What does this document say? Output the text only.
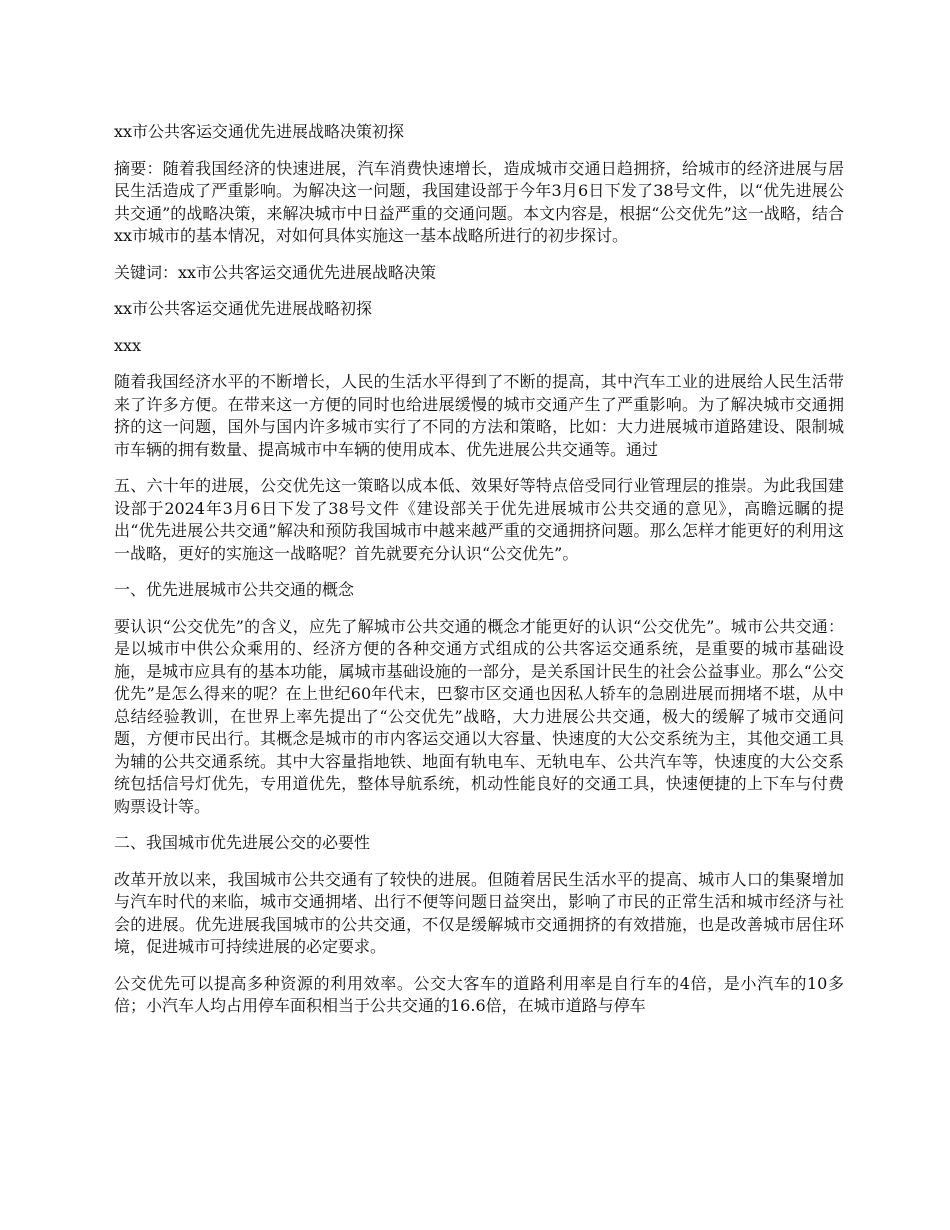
xx市公共客运交通优先进展战略决策初探

摘要：随着我国经济的快速进展，汽车消费快速增长，造成城市交通日趋拥挤，给城市的经济进展与居民生活造成了严重影响。为解决这一问题，我国建设部于今年3月6日下发了38号文件，以“优先进展公共交通”的战略决策，来解决城市中日益严重的交通问题。本文内容是，根据“公交优先”这一战略，结合xx市城市的基本情况，对如何具体实施这一基本战略所进行的初步探讨。

关键词：xx市公共客运交通优先进展战略决策

xx市公共客运交通优先进展战略初探

xxx

随着我国经济水平的不断增长，人民的生活水平得到了不断的提高，其中汽车工业的进展给人民生活带来了许多方便。在带来这一方便的同时也给进展缓慢的城市交通产生了严重影响。为了解决城市交通拥挤的这一问题，国外与国内许多城市实行了不同的方法和策略，比如：大力进展城市道路建设、限制城市车辆的拥有数量、提高城市中车辆的使用成本、优先进展公共交通等。通过

五、六十年的进展，公交优先这一策略以成本低、效果好等特点倍受同行业管理层的推崇。为此我国建设部于2024年3月6日下发了38号文件《建设部关于优先进展城市公共交通的意见》，高瞻远瞩的提出“优先进展公共交通”解决和预防我国城市中越来越严重的交通拥挤问题。那么怎样才能更好的利用这一战略，更好的实施这一战略呢？首先就要充分认识“公交优先”。

一、优先进展城市公共交通的概念

要认识“公交优先”的含义，应先了解城市公共交通的概念才能更好的认识“公交优先”。城市公共交通：是以城市中供公众乘用的、经济方便的各种交通方式组成的公共客运交通系统，是重要的城市基础设施，是城市应具有的基本功能，属城市基础设施的一部分，是关系国计民生的社会公益事业。那么“公交优先”是怎么得来的呢？在上世纪60年代末，巴黎市区交通也因私人轿车的急剧进展而拥堵不堪，从中总结经验教训，在世界上率先提出了“公交优先”战略，大力进展公共交通，极大的缓解了城市交通问题，方便市民出行。其概念是城市的市内客运交通以大容量、快速度的大公交系统为主，其他交通工具为辅的公共交通系统。其中大容量指地铁、地面有轨电车、无轨电车、公共汽车等，快速度的大公交系统包括信号灯优先，专用道优先，整体导航系统，机动性能良好的交通工具，快速便捷的上下车与付费购票设计等。

二、我国城市优先进展公交的必要性

改革开放以来，我国城市公共交通有了较快的进展。但随着居民生活水平的提高、城市人口的集聚增加与汽车时代的来临，城市交通拥堵、出行不便等问题日益突出，影响了市民的正常生活和城市经济与社会的进展。优先进展我国城市的公共交通，不仅是缓解城市交通拥挤的有效措施，也是改善城市居住环境，促进城市可持续进展的必定要求。

公交优先可以提高多种资源的利用效率。公交大客车的道路利用率是自行车的4倍，是小汽车的10多倍；小汽车人均占用停车面积相当于公共交通的16.6倍，在城市道路与停车
